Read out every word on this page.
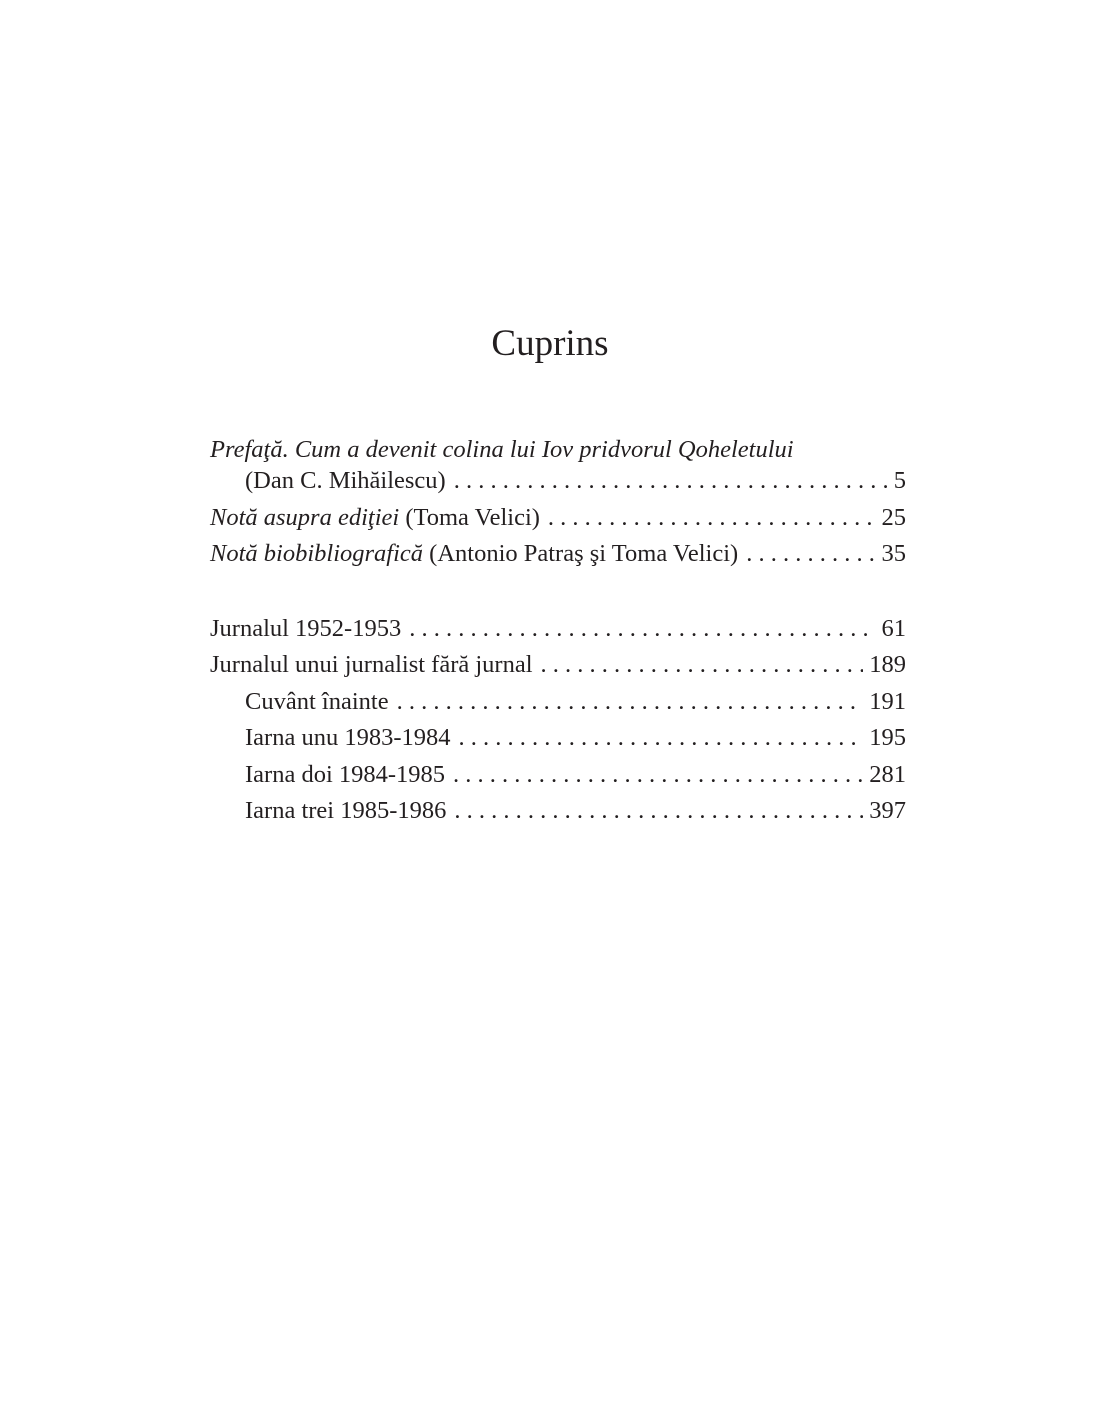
Cuprins
Prefaţă. Cum a devenit colina lui Iov pridvorul Qoheletului
(Dan C. Mihăilescu) . . .	5
Notă asupra ediţiei (Toma Velici) . . .	25
Notă biobibliografică (Antonio Patraş şi Toma Velici) . . .	35
Jurnalul 1952-1953 . . .	61
Jurnalul unui jurnalist fără jurnal . . .	189
Cuvânt înainte . . .	191
Iarna unu 1983-1984 . . .	195
Iarna doi 1984-1985 . . .	281
Iarna trei 1985-1986 . . .	397
